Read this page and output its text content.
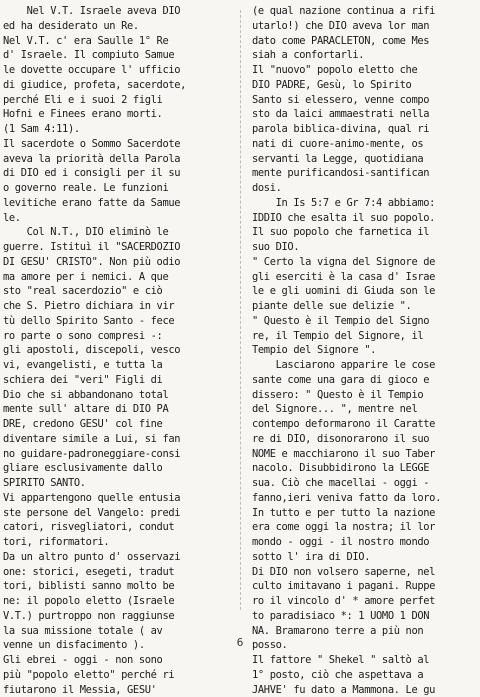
Nel V.T. Israele aveva DIO
ed ha desiderato un Re.
Nel V.T. c' era Saulle 1° Re
d' Israele. Il compiuto Samue
le dovette occupare l' ufficio
di giudice, profeta, sacerdote,
perché Eli e i suoi 2 figli
Hofni e Finees erano morti.
(1 Sam 4:11).
Il sacerdote o Sommo Sacerdote
aveva la priorità della Parola
di DIO ed i consigli per il su
o governo reale. Le funzioni
levitiche erano fatte da Samue
le.
Col N.T., DIO eliminò le
guerre. Istituì il "SACERDOZIO
DI GESU' CRISTO". Non più odio
ma amore per i nemici. A que
sto "real sacerdozio" e ciò
che S. Pietro dichiara in vir
tù dello Spirito Santo - fece
ro parte o sono compresi -:
gli apostoli, discepoli, vesco
vi, evangelisti, e tutta la
schiera dei "veri" Figli di
Dio che si abbandonano total
mente sull' altare di DIO PA
DRE, credono GESU' col fine
diventare simile a Lui, si fan
no guidare-padroneggiare-consi
gliare esclusivamente dallo
SPIRITO SANTO.
Vi appartengono quelle entusia
ste persone del Vangelo: predi
catori, risvegliatori, condut
tori, riformatori.
Da un altro punto d' osservazi
one: storici, esegeti, tradut
tori, biblisti sanno molto be
ne: il popolo eletto (Israele
V.T.) purtroppo non raggiunse
la sua missione totale ( av
venne un disfacimento ).
Gli ebrei - oggi - non sono
più "popolo eletto" perché ri
fiutarono il Messia, GESU'
(e qual nazione continua a rifi
utarlo!) che DIO aveva lor man
dato come PARACLETON, come Mes
siah a confortarli.
Il "nuovo" popolo eletto che
DIO PADRE, Gesù, lo Spirito
Santo si elessero, venne compo
sto da laici ammaestrati nella
parola biblica-divina, qual ri
nati di cuore-animo-mente, os
servanti la Legge, quotidiana
mente purificandosi-santifican
dosi.
In Is 5:7 e Gr 7:4 abbiamo:
IDDIO che esalta il suo popolo.
Il suo popolo che farnetica il
suo DIO.
" Certo la vigna del Signore de
gli eserciti è la casa d' Israe
le e gli uomini di Giuda son le
piante delle sue delizie ".
" Questo è il Tempio del Signo
re, il Tempio del Signore, il
Tempio del Signore ".
Lasciarono apparire le cose
sante come una gara di gioco e
dissero: " Questo è il Tempio
del Signore... ", mentre nel
contempo deformarono il Caratte
re di DIO, disonorarono il suo
NOME e macchiarono il suo Taber
nacolo. Disubbidirono la LEGGE
sua. Ciò che macellai - oggi -
fanno,ieri veniva fatto da loro.
In tutto e per tutto la nazione
era come oggi la nostra; il lor
mondo - oggi - il nostro mondo
sotto l' ira di DIO.
Di DIO non volsero saperne, nel
culto imitavano i pagani. Ruppe
ro il vincolo d' * amore perfet
to paradisiaco *: 1 UOMO 1 DON
NA. Bramarono terre a più non
posso.
Il fattore " Shekel " saltò al
1° posto, ciò che aspettava a
JAHVE' fu dato a Mammona. Le gu
6
